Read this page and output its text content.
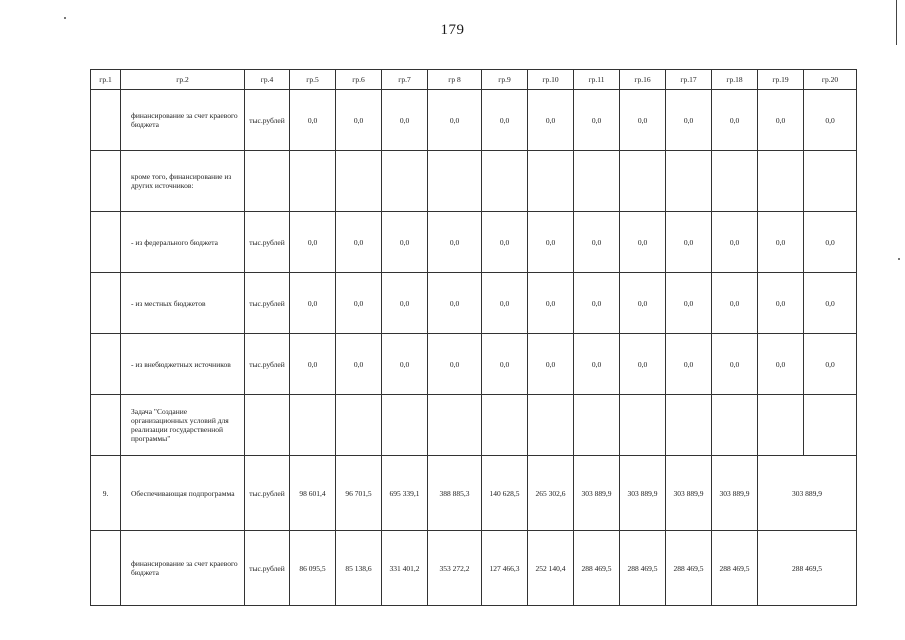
179
гр.1	гр.2	гр.4	гр.5	гр.6	гр.7	гр 8	гр.9	гр.10	гр.11	гр.16	гр.17	гр.18	гр.19	гр.20
	финансирование за счет краевого бюджета	тыс.рублей	0,0	0,0	0,0	0,0	0,0	0,0	0,0	0,0	0,0	0,0	0,0	0,0
	кроме того, финансирование из других источников:													
	- из федерального бюджета	тыс.рублей	0,0	0,0	0,0	0,0	0,0	0,0	0,0	0,0	0,0	0,0	0,0	0,0
	- из местных бюджетов	тыс.рублей	0,0	0,0	0,0	0,0	0,0	0,0	0,0	0,0	0,0	0,0	0,0	0,0
	- из внебюджетных источников	тыс.рублей	0,0	0,0	0,0	0,0	0,0	0,0	0,0	0,0	0,0	0,0	0,0	0,0
	Задача "Создание организационных условий для реализации государственной программы"													
9.	Обеспечивающая подпрограмма	тыс.рублей	98 601,4	96 701,5	695 339,1	388 885,3	140 628,5	265 302,6	303 889,9	303 889,9	303 889,9	303 889,9	303 889,9	
	финансирование за счет краевого бюджета	тыс.рублей	86 095,5	85 138,6	331 401,2	353 272,2	127 466,3	252 140,4	288 469,5	288 469,5	288 469,5	288 469,5	288 469,5	
